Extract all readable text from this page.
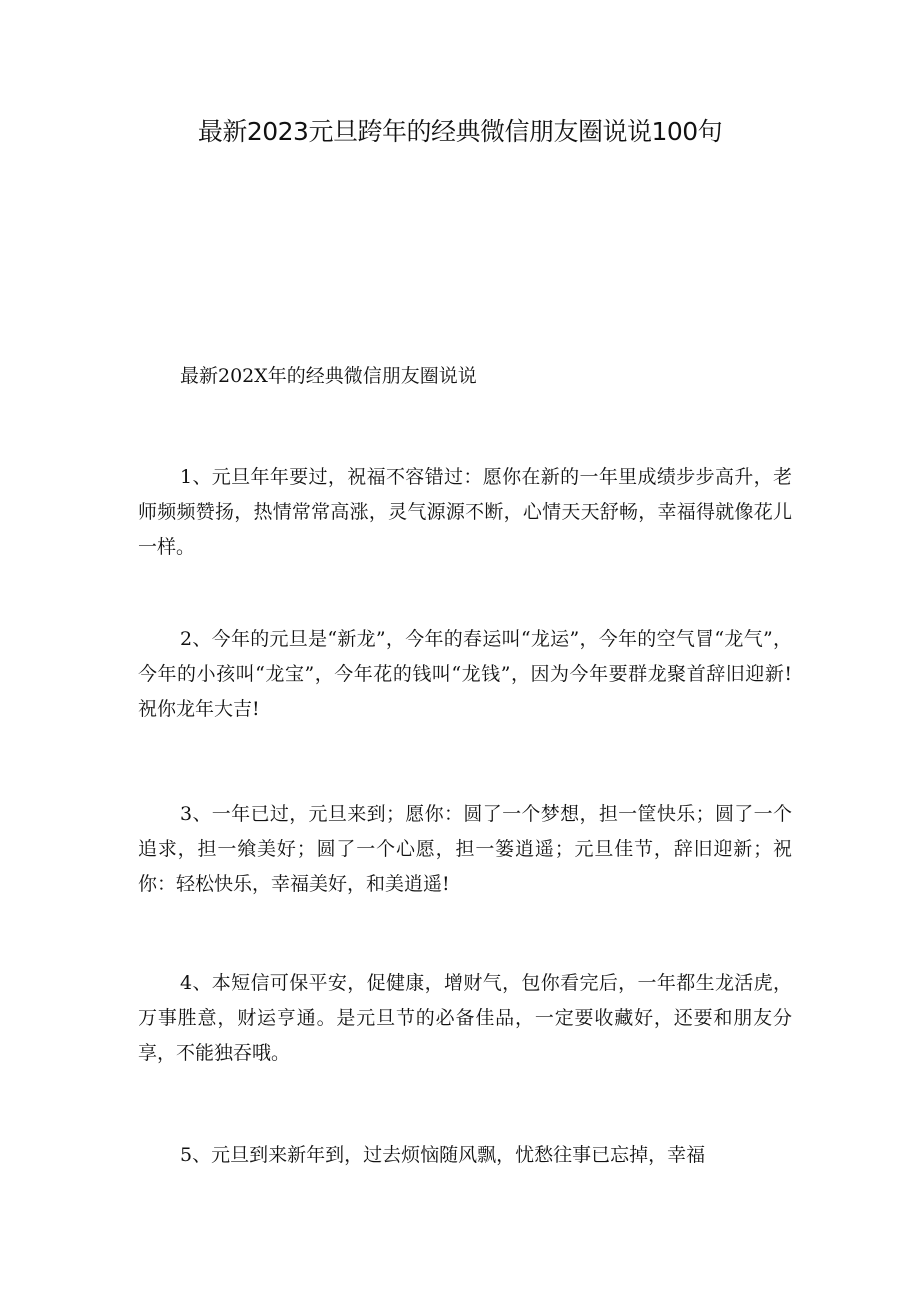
最新2023元旦跨年的经典微信朋友圈说说100句

最新202X年的经典微信朋友圈说说

1、元旦年年要过，祝福不容错过：愿你在新的一年里成绩步步高升，老师频频赞扬，热情常常高涨，灵气源源不断，心情天天舒畅，幸福得就像花儿一样。

2、今年的元旦是“新龙”，今年的春运叫“龙运”，今年的空气冒“龙气”，今年的小孩叫“龙宝”，今年花的钱叫“龙钱”，因为今年要群龙聚首辞旧迎新!祝你龙年大吉!

3、一年已过，元旦来到；愿你：圆了一个梦想，担一筐快乐；圆了一个追求，担一飨美好；圆了一个心愿，担一篓逍遥；元旦佳节，辞旧迎新；祝你：轻松快乐，幸福美好，和美逍遥!

4、本短信可保平安，促健康，增财气，包你看完后，一年都生龙活虎，万事胜意，财运亨通。是元旦节的必备佳品，一定要收藏好，还要和朋友分享，不能独吞哦。

5、元旦到来新年到，过去烦恼随风飘，忧愁往事已忘掉，幸福
